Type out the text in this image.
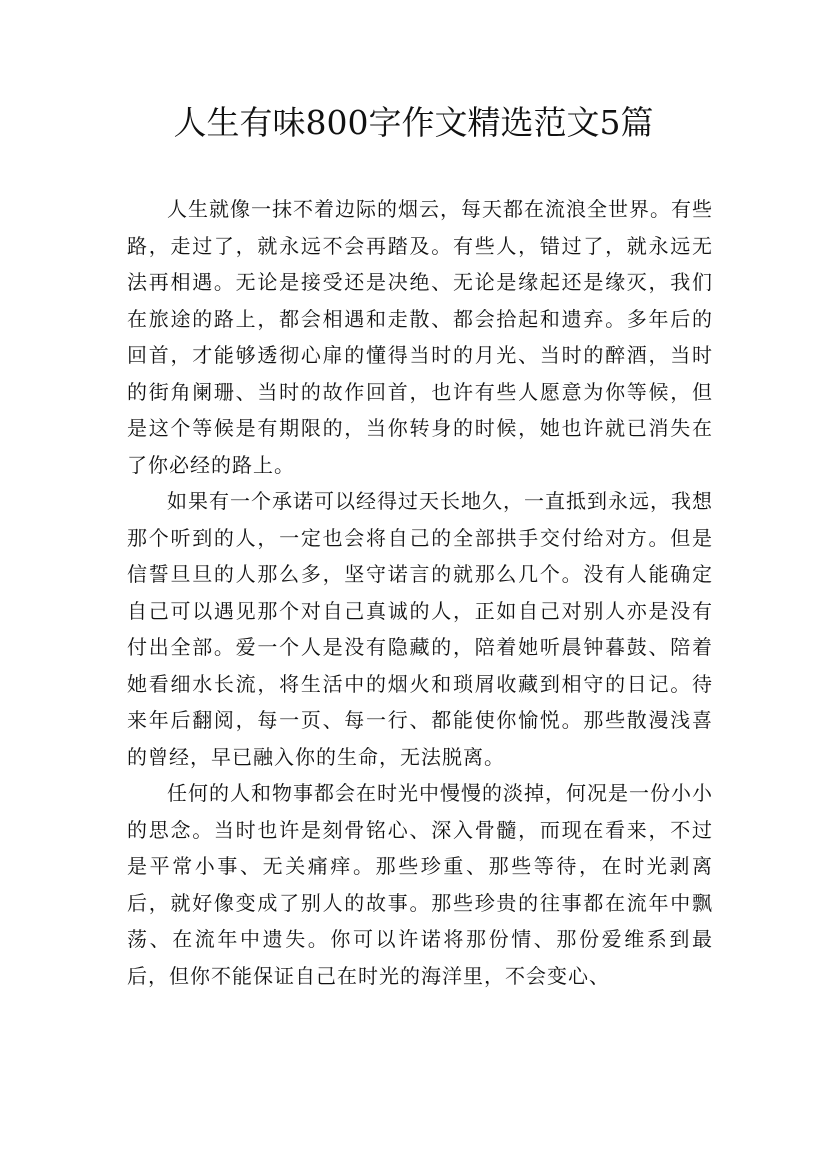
人生有味800字作文精选范文5篇

人生就像一抹不着边际的烟云，每天都在流浪全世界。有些路，走过了，就永远不会再踏及。有些人，错过了，就永远无法再相遇。无论是接受还是决绝、无论是缘起还是缘灭，我们在旅途的路上，都会相遇和走散、都会拾起和遗弃。多年后的回首，才能够透彻心扉的懂得当时的月光、当时的醉酒，当时的街角阑珊、当时的故作回首，也许有些人愿意为你等候，但是这个等候是有期限的，当你转身的时候，她也许就已消失在了你必经的路上。

如果有一个承诺可以经得过天长地久，一直抵到永远，我想那个听到的人，一定也会将自己的全部拱手交付给对方。但是信誓旦旦的人那么多，坚守诺言的就那么几个。没有人能确定自己可以遇见那个对自己真诚的人，正如自己对别人亦是没有付出全部。爱一个人是没有隐藏的，陪着她听晨钟暮鼓、陪着她看细水长流，将生活中的烟火和琐屑收藏到相守的日记。待来年后翻阅，每一页、每一行、都能使你愉悦。那些散漫浅喜的曾经，早已融入你的生命，无法脱离。

任何的人和物事都会在时光中慢慢的淡掉，何况是一份小小的思念。当时也许是刻骨铭心、深入骨髓，而现在看来，不过是平常小事、无关痛痒。那些珍重、那些等待，在时光剥离后，就好像变成了别人的故事。那些珍贵的往事都在流年中飘荡、在流年中遗失。你可以许诺将那份情、那份爱维系到最后，但你不能保证自己在时光的海洋里，不会变心、
